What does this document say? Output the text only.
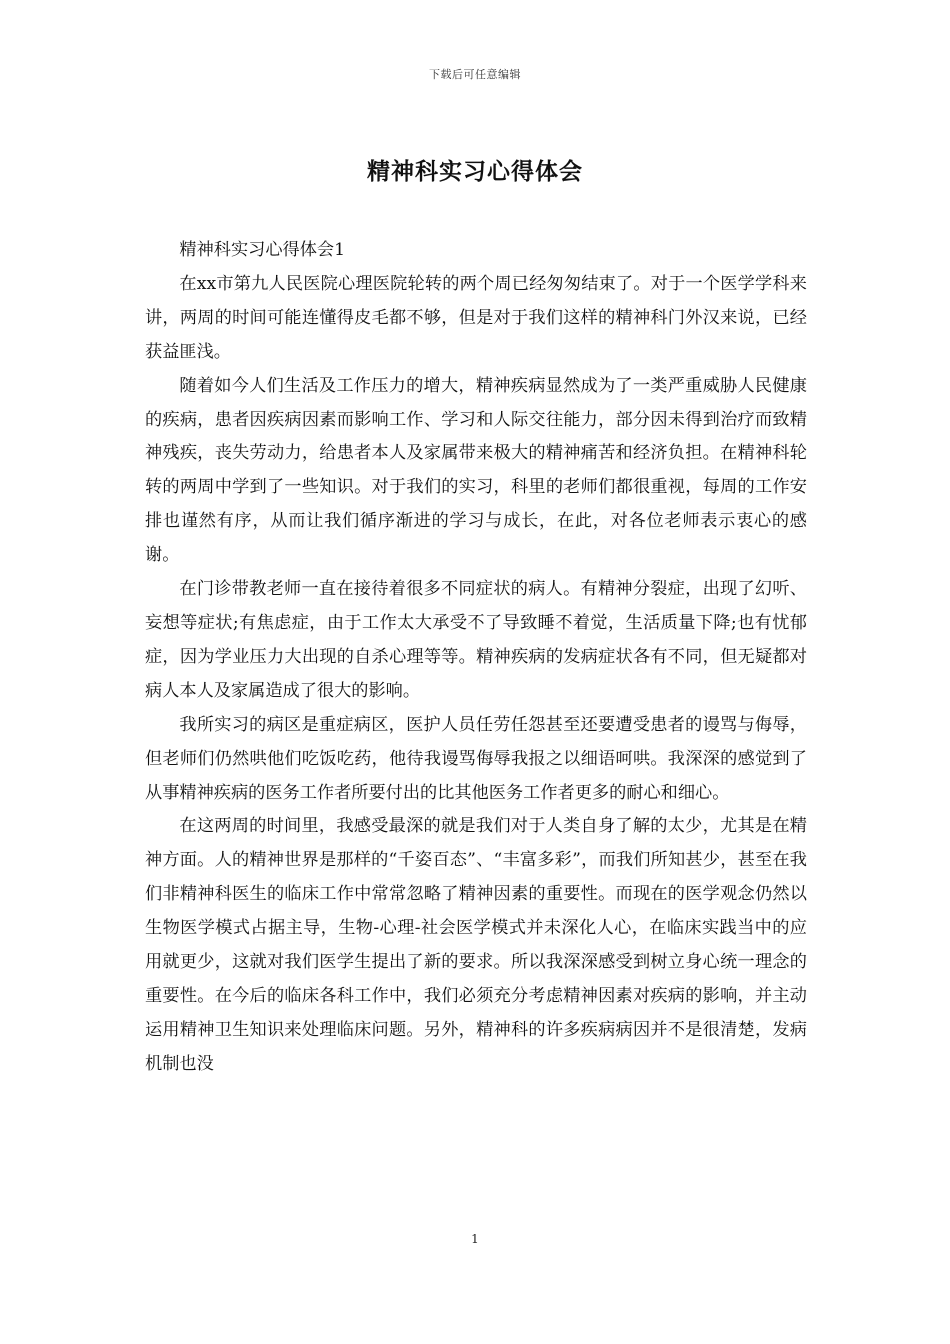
下载后可任意编辑
精神科实习心得体会

精神科实习心得体会1

在xx市第九人民医院心理医院轮转的两个周已经匆匆结束了。对于一个医学学科来讲，两周的时间可能连懂得皮毛都不够，但是对于我们这样的精神科门外汉来说，已经获益匪浅。

随着如今人们生活及工作压力的增大，精神疾病显然成为了一类严重威胁人民健康的疾病，患者因疾病因素而影响工作、学习和人际交往能力，部分因未得到治疗而致精神残疾，丧失劳动力，给患者本人及家属带来极大的精神痛苦和经济负担。在精神科轮转的两周中学到了一些知识。对于我们的实习，科里的老师们都很重视，每周的工作安排也谨然有序，从而让我们循序渐进的学习与成长，在此，对各位老师表示衷心的感谢。

在门诊带教老师一直在接待着很多不同症状的病人。有精神分裂症，出现了幻听、妄想等症状;有焦虑症，由于工作太大承受不了导致睡不着觉，生活质量下降;也有忧郁症，因为学业压力大出现的自杀心理等等。精神疾病的发病症状各有不同，但无疑都对病人本人及家属造成了很大的影响。

我所实习的病区是重症病区，医护人员任劳任怨甚至还要遭受患者的谩骂与侮辱，但老师们仍然哄他们吃饭吃药，他待我谩骂侮辱我报之以细语呵哄。我深深的感觉到了从事精神疾病的医务工作者所要付出的比其他医务工作者更多的耐心和细心。

在这两周的时间里，我感受最深的就是我们对于人类自身了解的太少，尤其是在精神方面。人的精神世界是那样的“千姿百态”、“丰富多彩”，而我们所知甚少，甚至在我们非精神科医生的临床工作中常常忽略了精神因素的重要性。而现在的医学观念仍然以生物医学模式占据主导，生物-心理-社会医学模式并未深化人心，在临床实践当中的应用就更少，这就对我们医学生提出了新的要求。所以我深深感受到树立身心统一理念的重要性。在今后的临床各科工作中，我们必须充分考虑精神因素对疾病的影响，并主动运用精神卫生知识来处理临床问题。另外，精神科的许多疾病病因并不是很清楚，发病机制也没

1
